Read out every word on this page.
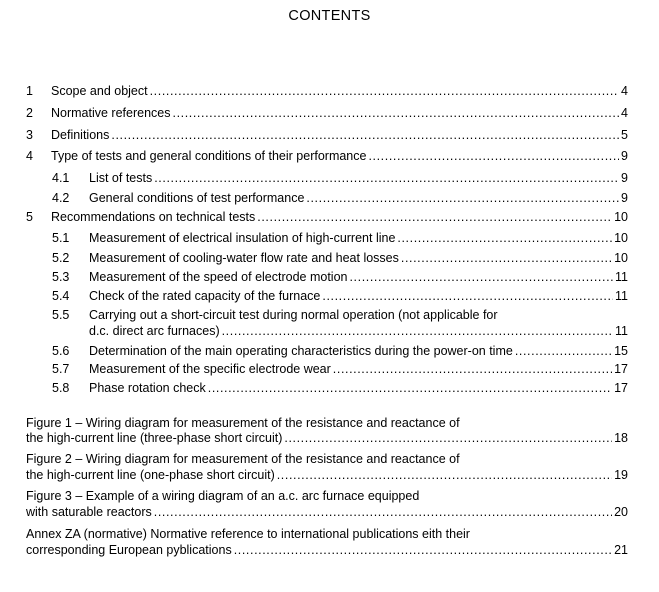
CONTENTS
1 Scope and object .....	4
2 Normative references .....	4
3 Definitions .....	5
4 Type of tests and general conditions of their performance .....	9
4.1 List of tests .....	9
4.2 General conditions of test performance .....	9
5 Recommendations on technical tests .....	10
5.1 Measurement of electrical insulation of high-current line .....	10
5.2 Measurement of cooling-water flow rate and heat losses .....	10
5.3 Measurement of the speed of electrode motion .....	11
5.4 Check of the rated capacity of the furnace .....	11
5.5 Carrying out a short-circuit test during normal operation (not applicable for
d.c. direct arc furnaces) .....	11
5.6 Determination of the main operating characteristics during the power-on time .....	15
5.7 Measurement of the specific electrode wear .....	17
5.8 Phase rotation check .....	17
Figure 1 – Wiring diagram for measurement of the resistance and reactance of
the high-current line (three-phase short circuit) .....	18
Figure 2 – Wiring diagram for measurement of the resistance and reactance of
the high-current line (one-phase short circuit) .....	19
Figure 3 – Example of a wiring diagram of an a.c. arc furnace equipped
with saturable reactors .....	20
Annex ZA (normative) Normative reference to international publications eith their
corresponding European pyblications .....	21
